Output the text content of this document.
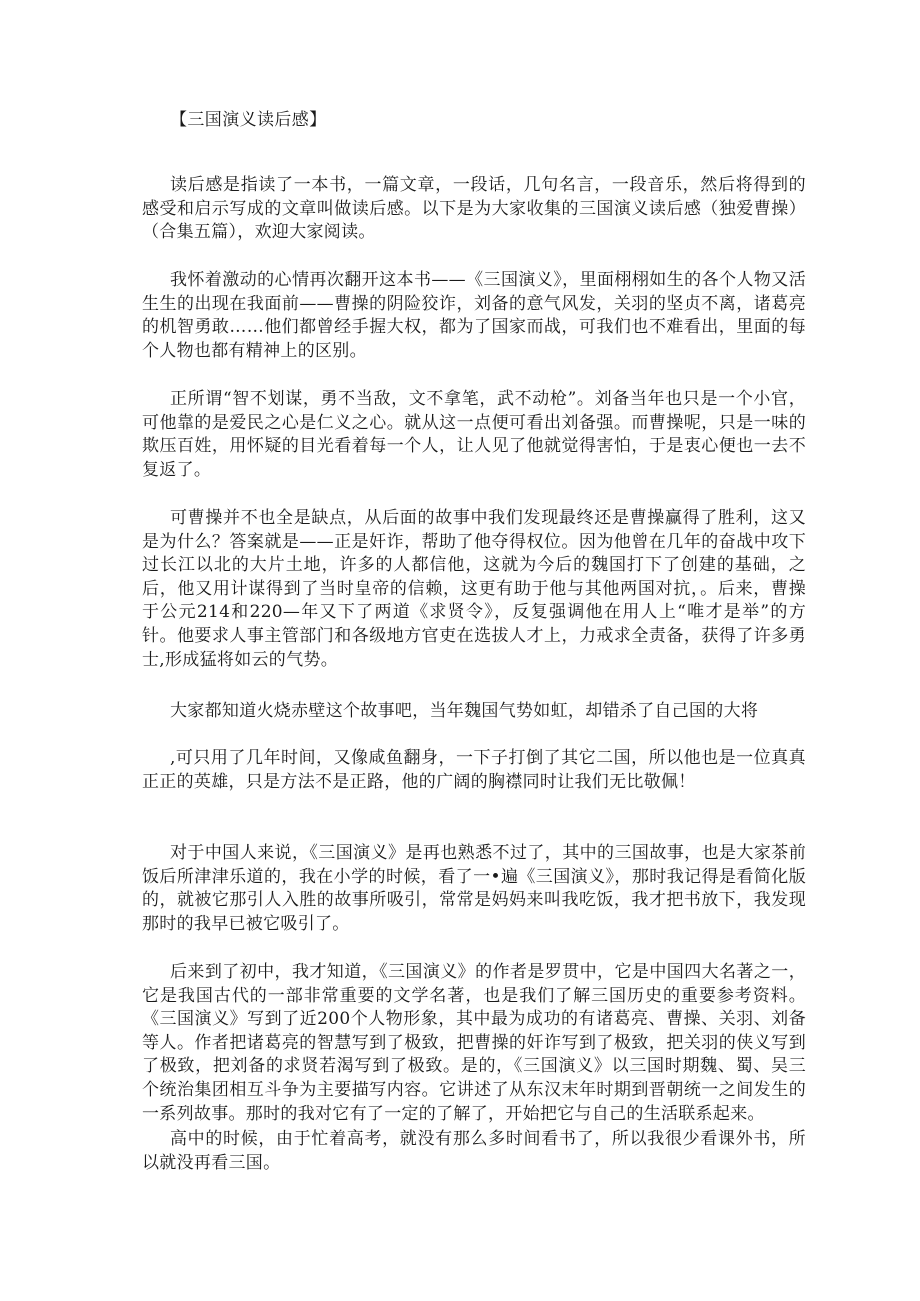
【三国演义读后感】

读后感是指读了一本书，一篇文章，一段话，几句名言，一段音乐，然后将得到的感受和启示写成的文章叫做读后感。以下是为大家收集的三国演义读后感（独爱曹操）（合集五篇），欢迎大家阅读。

我怀着激动的心情再次翻开这本书——《三国演义》，里面栩栩如生的各个人物又活生生的出现在我面前——曹操的阴险狡诈，刘备的意气风发，关羽的坚贞不离，诸葛亮的机智勇敢……他们都曾经手握大权，都为了国家而战，可我们也不难看出，里面的每个人物也都有精神上的区别。

正所谓“智不划谋，勇不当敌，文不拿笔，武不动枪”。刘备当年也只是一个小官，可他靠的是爱民之心是仁义之心。就从这一点便可看出刘备强。而曹操呢，只是一味的欺压百姓，用怀疑的目光看着每一个人，让人见了他就觉得害怕，于是衷心便也一去不复返了。

可曹操并不也全是缺点，从后面的故事中我们发现最终还是曹操赢得了胜利，这又是为什么？答案就是——正是奸诈，帮助了他夺得权位。因为他曾在几年的奋战中攻下过长江以北的大片土地，许多的人都信他，这就为今后的魏国打下了创建的基础，之后，他又用计谋得到了当时皇帝的信赖，这更有助于他与其他两国对抗，。后来，曹操于公元214和220—年又下了两道《求贤令》，反复强调他在用人上“唯才是举”的方针。他要求人事主管部门和各级地方官吏在选拔人才上，力戒求全责备，获得了许多勇士,形成猛将如云的气势。

大家都知道火烧赤壁这个故事吧，当年魏国气势如虹，却错杀了自己国的大将

,可只用了几年时间，又像咸鱼翻身，一下子打倒了其它二国，所以他也是一位真真正正的英雄，只是方法不是正路，他的广阔的胸襟同时让我们无比敬佩！

对于中国人来说，《三国演义》是再也熟悉不过了，其中的三国故事，也是大家茶前饭后所津津乐道的，我在小学的时候，看了一•遍《三国演义》，那时我记得是看简化版的，就被它那引人入胜的故事所吸引，常常是妈妈来叫我吃饭，我才把书放下，我发现那时的我早已被它吸引了。

后来到了初中，我才知道，《三国演义》的作者是罗贯中，它是中国四大名著之一，它是我国古代的一部非常重要的文学名著，也是我们了解三国历史的重要参考资料。《三国演义》写到了近200个人物形象，其中最为成功的有诸葛亮、曹操、关羽、刘备等人。作者把诸葛亮的智慧写到了极致，把曹操的奸诈写到了极致，把关羽的侠义写到了极致，把刘备的求贤若渴写到了极致。是的，《三国演义》以三国时期魏、蜀、吴三个统治集团相互斗争为主要描写内容。它讲述了从东汉末年时期到晋朝统一之间发生的一系列故事。那时的我对它有了一定的了解了，开始把它与自己的生活联系起来。

高中的时候，由于忙着高考，就没有那么多时间看书了，所以我很少看课外书，所以就没再看三国。
